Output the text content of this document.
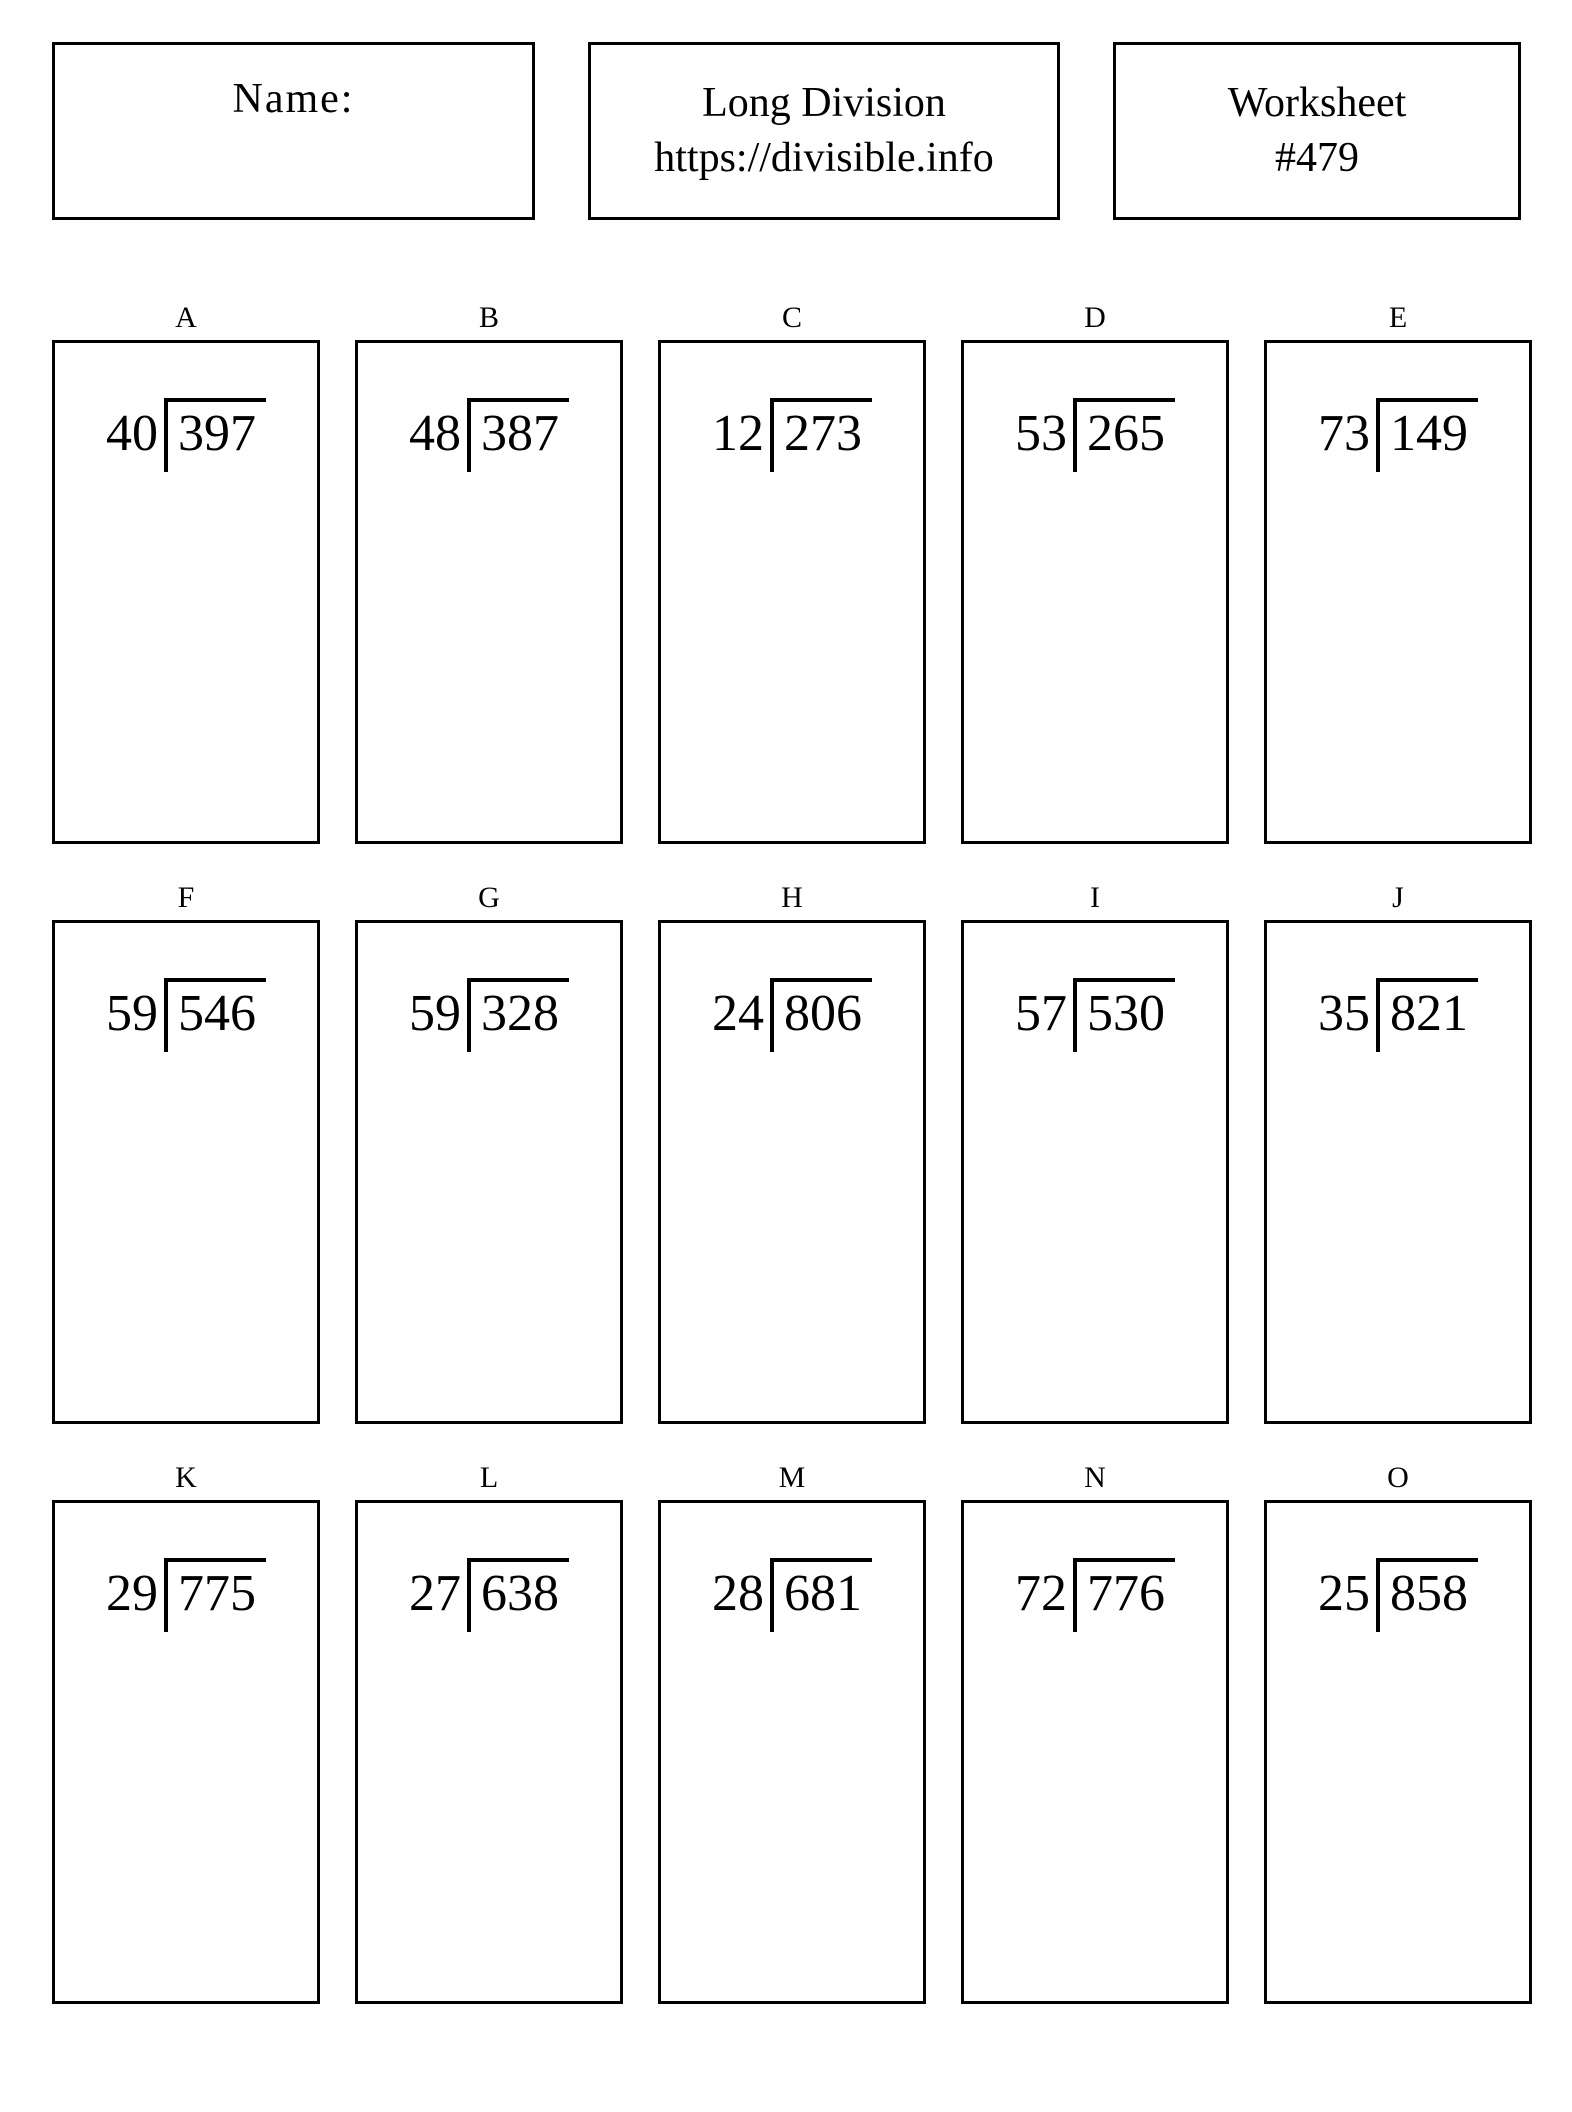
Name:	Long Division
https://divisible.info
Worksheet
#479
A
40 397
B
48 387
C
12 273
D
53 265
E
73 149
F
59 546
G
59 328
H
24 806
I
57 530
J
35 821
K
29 775
L
27 638
M
28 681
N
72 776
O
25 858
